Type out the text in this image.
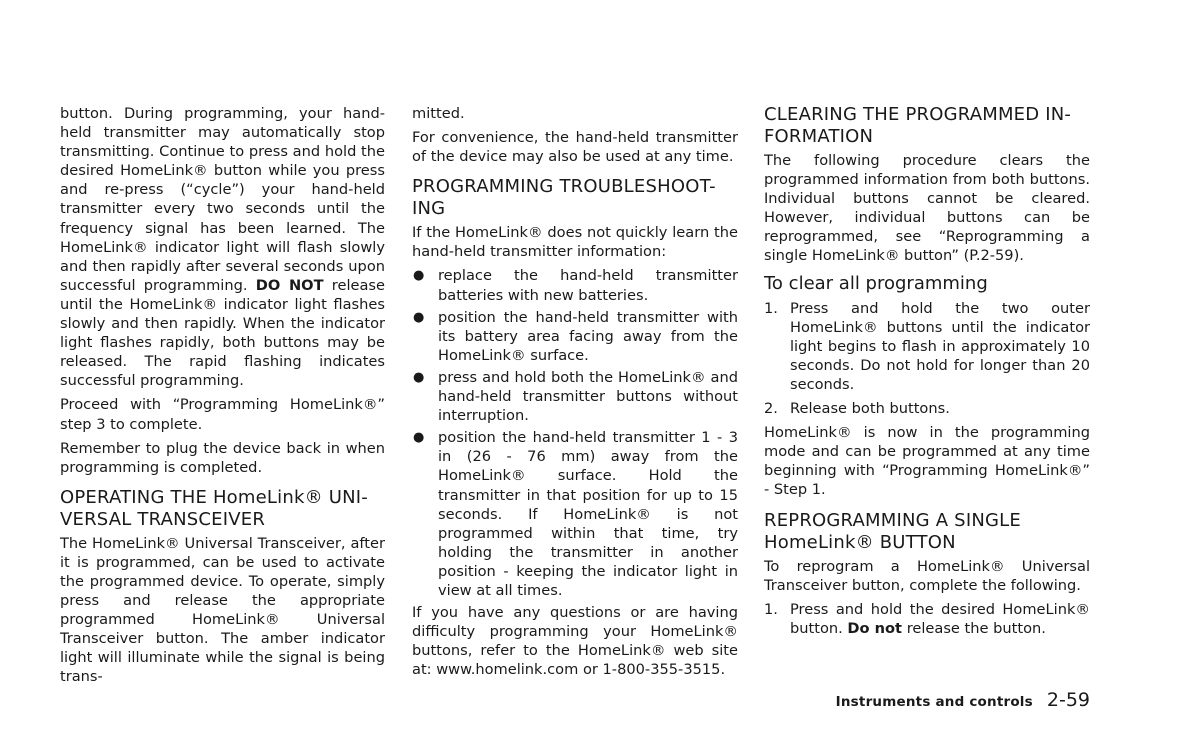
button. During programming, your hand-held transmitter may automatically stop transmitting. Continue to press and hold the desired HomeLink® button while you press and re-press (“cycle”) your hand-held transmitter every two seconds until the frequency signal has been learned. The HomeLink® indicator light will flash slowly and then rapidly after several seconds upon successful programming. DO NOT release until the HomeLink® indicator light flashes slowly and then rapidly. When the indicator light flashes rapidly, both buttons may be released. The rapid flashing indicates successful programming.

Proceed with “Programming HomeLink®” step 3 to complete.

Remember to plug the device back in when programming is completed.

OPERATING THE HomeLink® UNI-VERSAL TRANSCEIVER

The HomeLink® Universal Transceiver, after it is programmed, can be used to activate the programmed device. To operate, simply press and release the appropriate programmed HomeLink® Universal Transceiver button. The amber indicator light will illuminate while the signal is being trans-

mitted.

For convenience, the hand-held transmitter of the device may also be used at any time.

PROGRAMMING TROUBLESHOOT-ING

If the HomeLink® does not quickly learn the hand-held transmitter information:

● replace the hand-held transmitter batteries with new batteries.
● position the hand-held transmitter with its battery area facing away from the HomeLink® surface.
● press and hold both the HomeLink® and hand-held transmitter buttons without interruption.
● position the hand-held transmitter 1 - 3 in (26 - 76 mm) away from the HomeLink® surface. Hold the transmitter in that position for up to 15 seconds. If HomeLink® is not programmed within that time, try holding the transmitter in another position - keeping the indicator light in view at all times.

If you have any questions or are having difficulty programming your HomeLink® buttons, refer to the HomeLink® web site at: www.homelink.com or 1-800-355-3515.

CLEARING THE PROGRAMMED IN-FORMATION

The following procedure clears the programmed information from both buttons. Individual buttons cannot be cleared. However, individual buttons can be reprogrammed, see “Reprogramming a single HomeLink® button” (P.2-59).

To clear all programming
1. Press and hold the two outer HomeLink® buttons until the indicator light begins to flash in approximately 10 seconds. Do not hold for longer than 20 seconds.
2. Release both buttons.

HomeLink® is now in the programming mode and can be programmed at any time beginning with “Programming HomeLink®” - Step 1.

REPROGRAMMING A SINGLE HomeLink® BUTTON

To reprogram a HomeLink® Universal Transceiver button, complete the following.

1. Press and hold the desired HomeLink® button. Do not release the button.
Instruments and controls 2-59
